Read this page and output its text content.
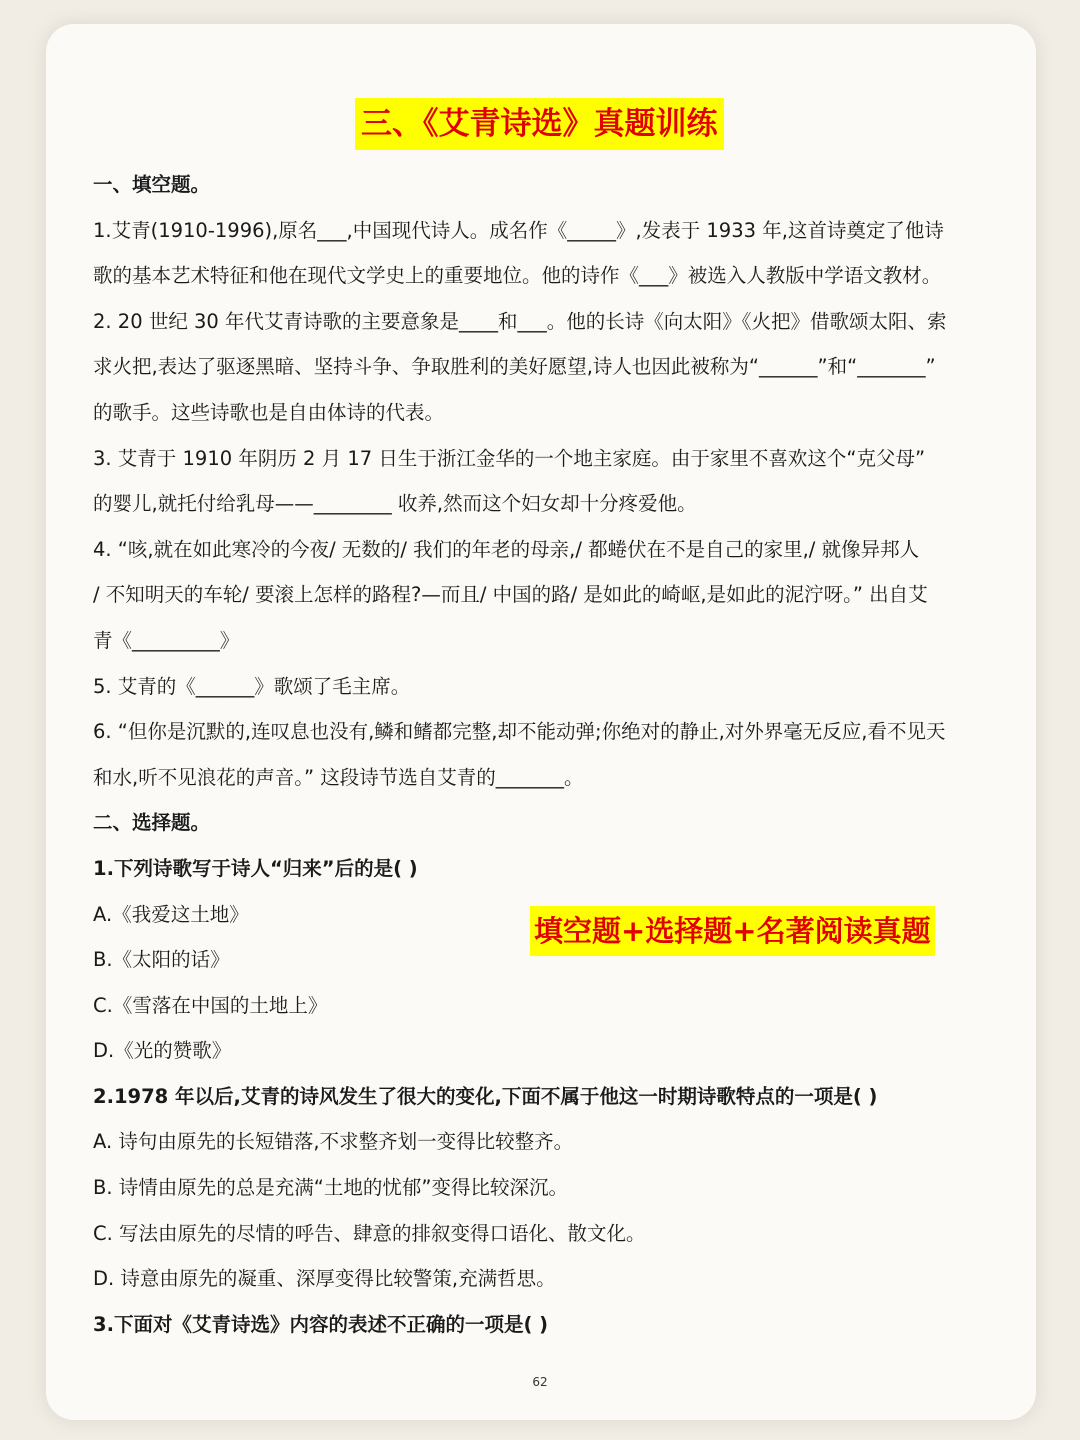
三、《艾青诗选》真题训练
一、填空题。
1.艾青(1910-1996),原名___,中国现代诗人。成名作《_____》,发表于 1933 年,这首诗奠定了他诗
歌的基本艺术特征和他在现代文学史上的重要地位。他的诗作《___》被选入人教版中学语文教材。
2. 20 世纪 30 年代艾青诗歌的主要意象是____和___。他的长诗《向太阳》《火把》借歌颂太阳、索
求火把,表达了驱逐黑暗、坚持斗争、争取胜利的美好愿望,诗人也因此被称为“______”和“_______”
的歌手。这些诗歌也是自由体诗的代表。
3. 艾青于 1910 年阴历 2 月 17 日生于浙江金华的一个地主家庭。由于家里不喜欢这个“克父母”
的婴儿,就托付给乳母——________ 收养,然而这个妇女却十分疼爱他。
4. “咳,就在如此寒冷的今夜/ 无数的/ 我们的年老的母亲,/ 都蜷伏在不是自己的家里,/ 就像异邦人
/ 不知明天的车轮/ 要滚上怎样的路程?—而且/ 中国的路/ 是如此的崎岖,是如此的泥泞呀。” 出自艾
青《_________》
5. 艾青的《______》歌颂了毛主席。
6. “但你是沉默的,连叹息也没有,鳞和鳍都完整,却不能动弹;你绝对的静止,对外界毫无反应,看不见天
和水,听不见浪花的声音。” 这段诗节选自艾青的_______。
二、选择题。
1.下列诗歌写于诗人“归来”后的是( )
A.《我爱这土地》
B.《太阳的话》
C.《雪落在中国的土地上》
D.《光的赞歌》
2.1978 年以后,艾青的诗风发生了很大的变化,下面不属于他这一时期诗歌特点的一项是( )
A. 诗句由原先的长短错落,不求整齐划一变得比较整齐。
B. 诗情由原先的总是充满“土地的忧郁”变得比较深沉。
C. 写法由原先的尽情的呼告、肆意的排叙变得口语化、散文化。
D. 诗意由原先的凝重、深厚变得比较警策,充满哲思。
3.下面对《艾青诗选》内容的表述不正确的一项是( )
填空题+选择题+名著阅读真题
62
